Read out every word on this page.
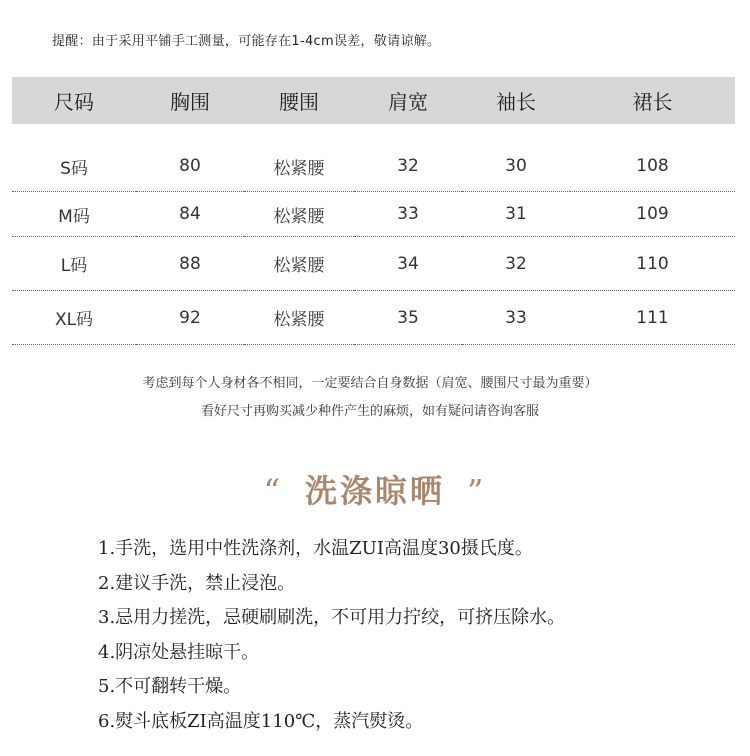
提醒：由于采用平铺手工测量，可能存在1-4cm误差，敬请谅解。
尺码	胸围	腰围	肩宽	袖长	裙长
S码	80	松紧腰	32	30	108
M码	84	松紧腰	33	31	109
L码	88	松紧腰	34	32	110
XL码	92	松紧腰	35	33	111
考虑到每个人身材各不相同，一定要结合自身数据（肩宽、腰围尺寸最为重要）
看好尺寸再购买减少种件产生的麻烦，如有疑问请咨询客服
“ 洗涤晾晒 ”
1.手洗，选用中性洗涤剂，水温ZUI高温度30摄氏度。
2.建议手洗，禁止浸泡。
3.忌用力搓洗，忌硬刷刷洗，不可用力拧绞，可挤压除水。
4.阴凉处悬挂晾干。
5.不可翻转干燥。
6.熨斗底板ZI高温度110℃，蒸汽熨烫。
